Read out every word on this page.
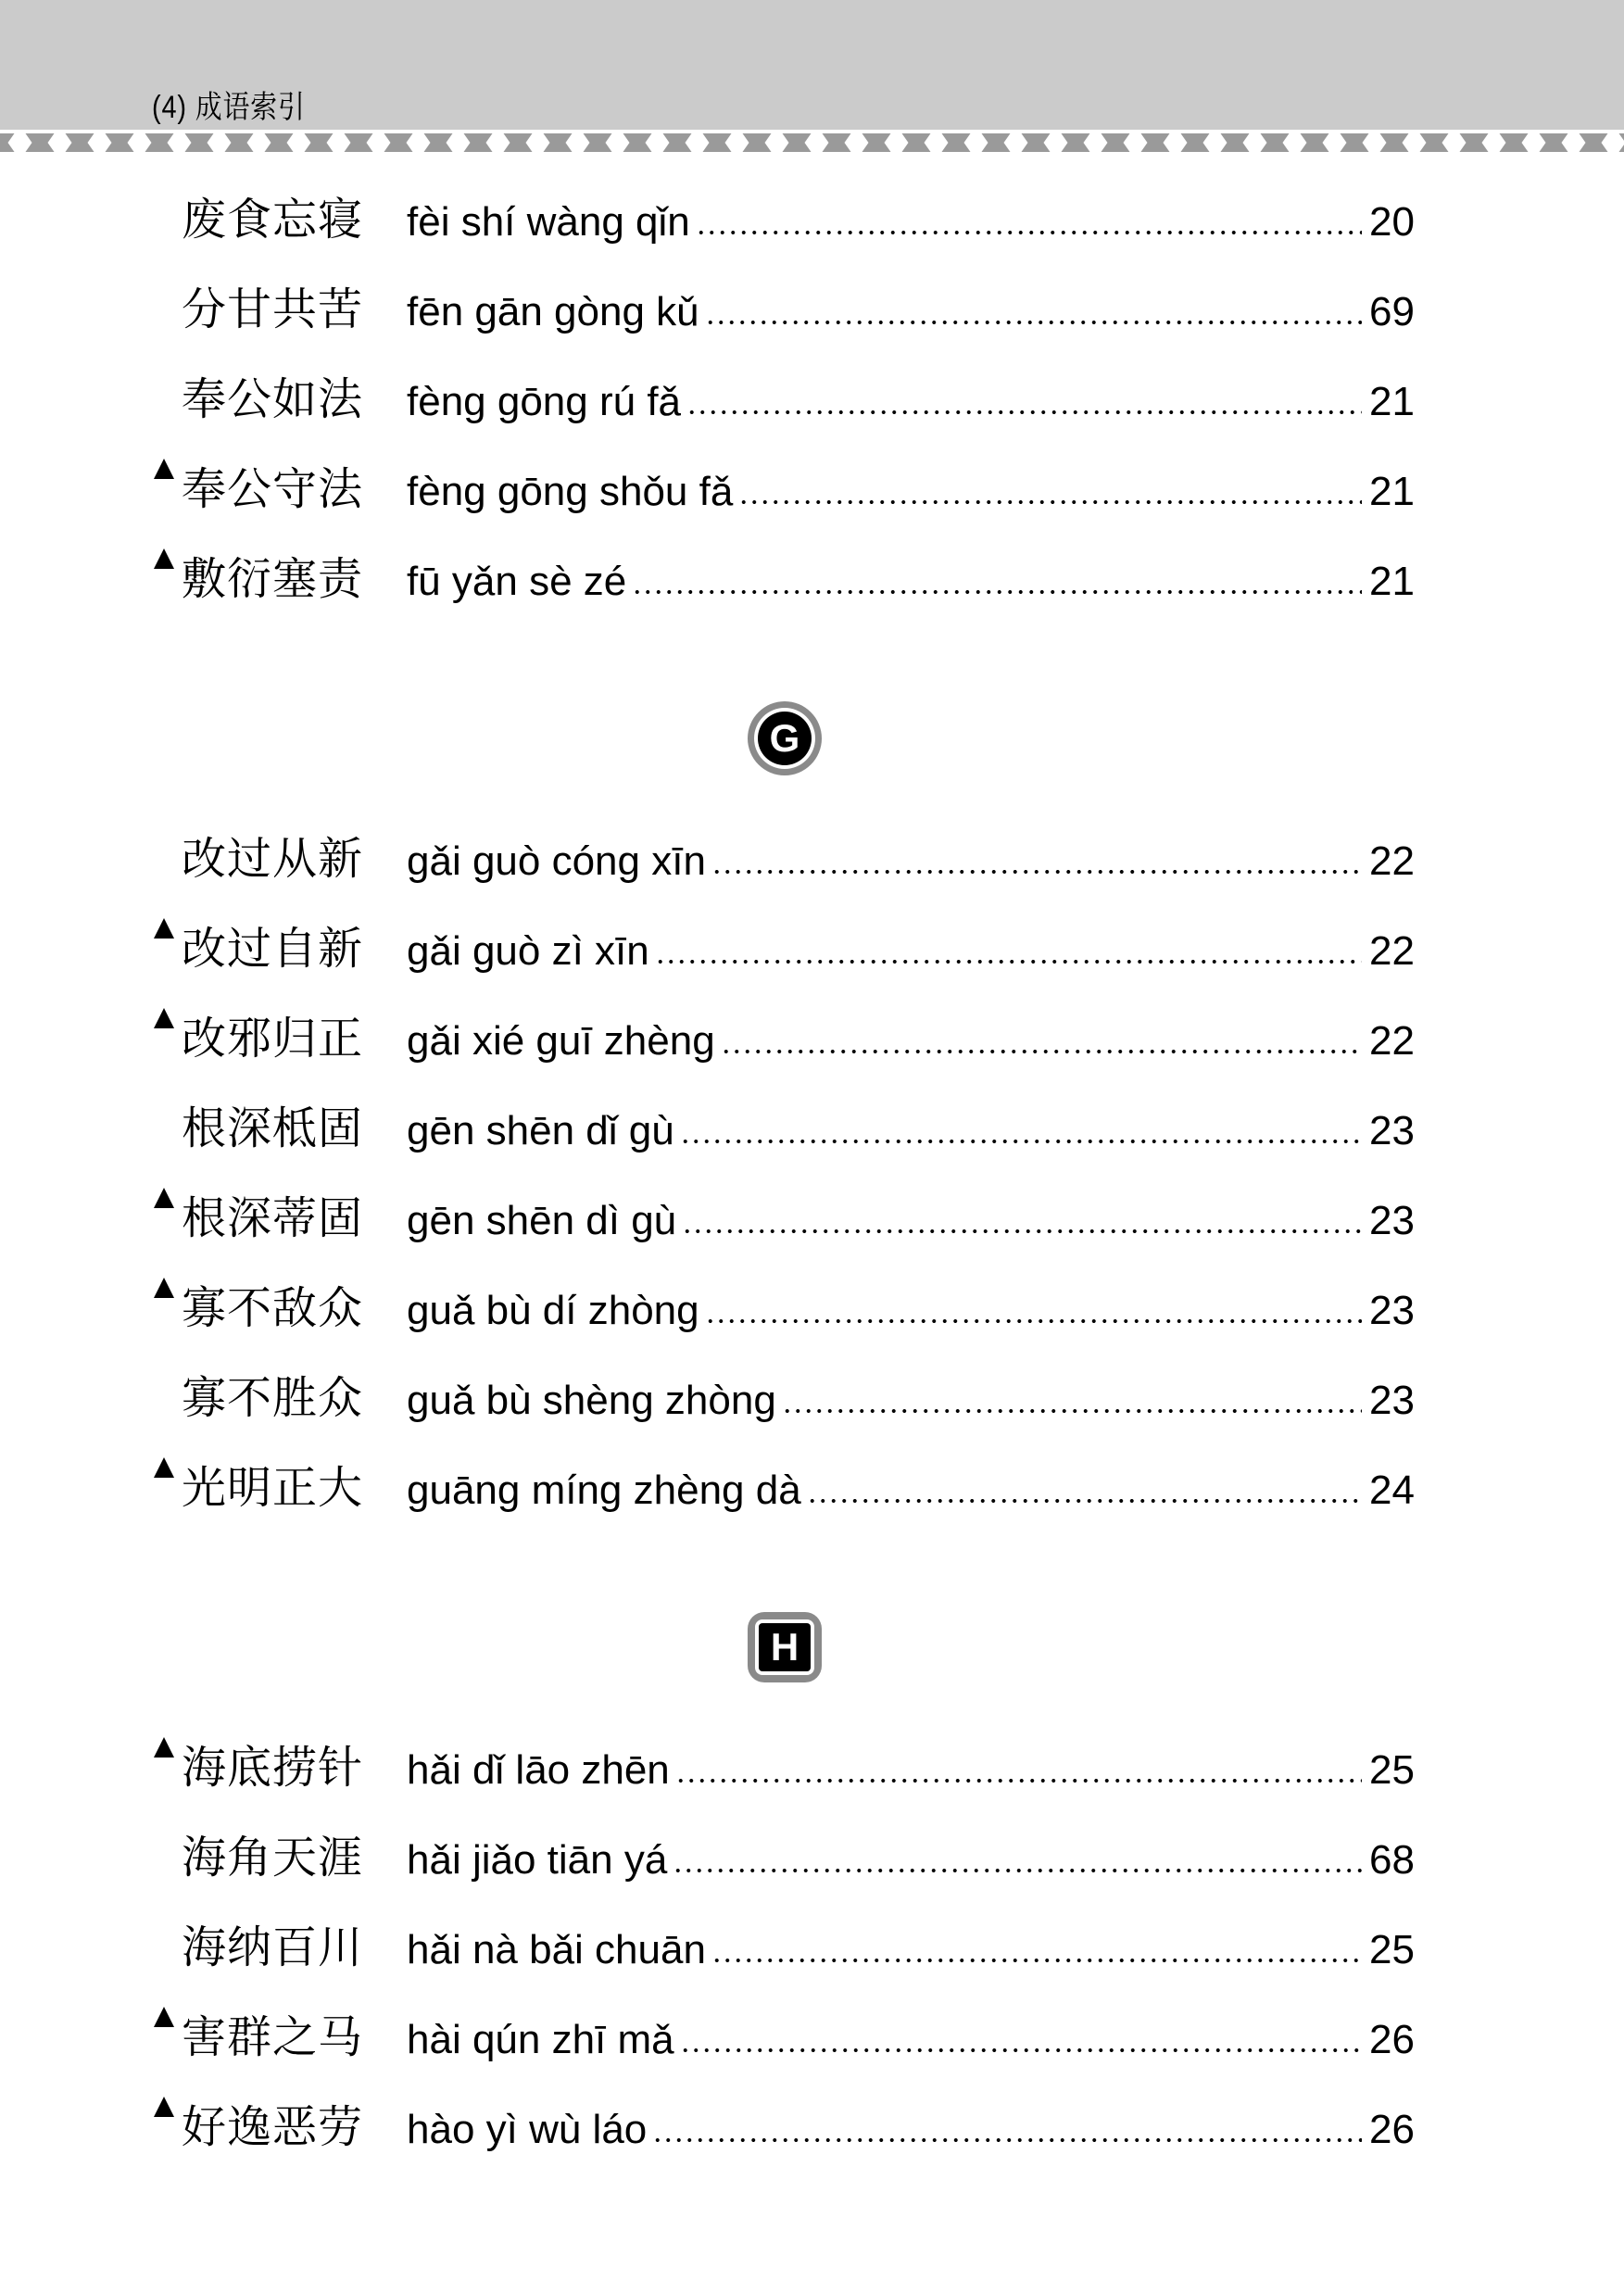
(4) 成语索引
废食忘寝 fèi shí wàng qǐn	20
分甘共苦 fēn gān gòng kǔ	69
奉公如法 fèng gōng rú fǎ	21
奉公守法 fèng gōng shǒu fǎ	21
敷衍塞责 fū yǎn sè zé	21
G
改过从新 gǎi guò cóng xīn	22
改过自新 gǎi guò zì xīn	22
改邪归正 gǎi xié guī zhèng	22
根深柢固 gēn shēn dǐ gù	23
根深蒂固 gēn shēn dì gù	23
寡不敌众 guǎ bù dí zhòng	23
寡不胜众 guǎ bù shèng zhòng	23
光明正大 guāng míng zhèng dà	24
H
海底捞针 hǎi dǐ lāo zhēn	25
海角天涯 hǎi jiǎo tiān yá	68
海纳百川 hǎi nà bǎi chuān	25
害群之马 hài qún zhī mǎ	26
好逸恶劳 hào yì wù láo	26
